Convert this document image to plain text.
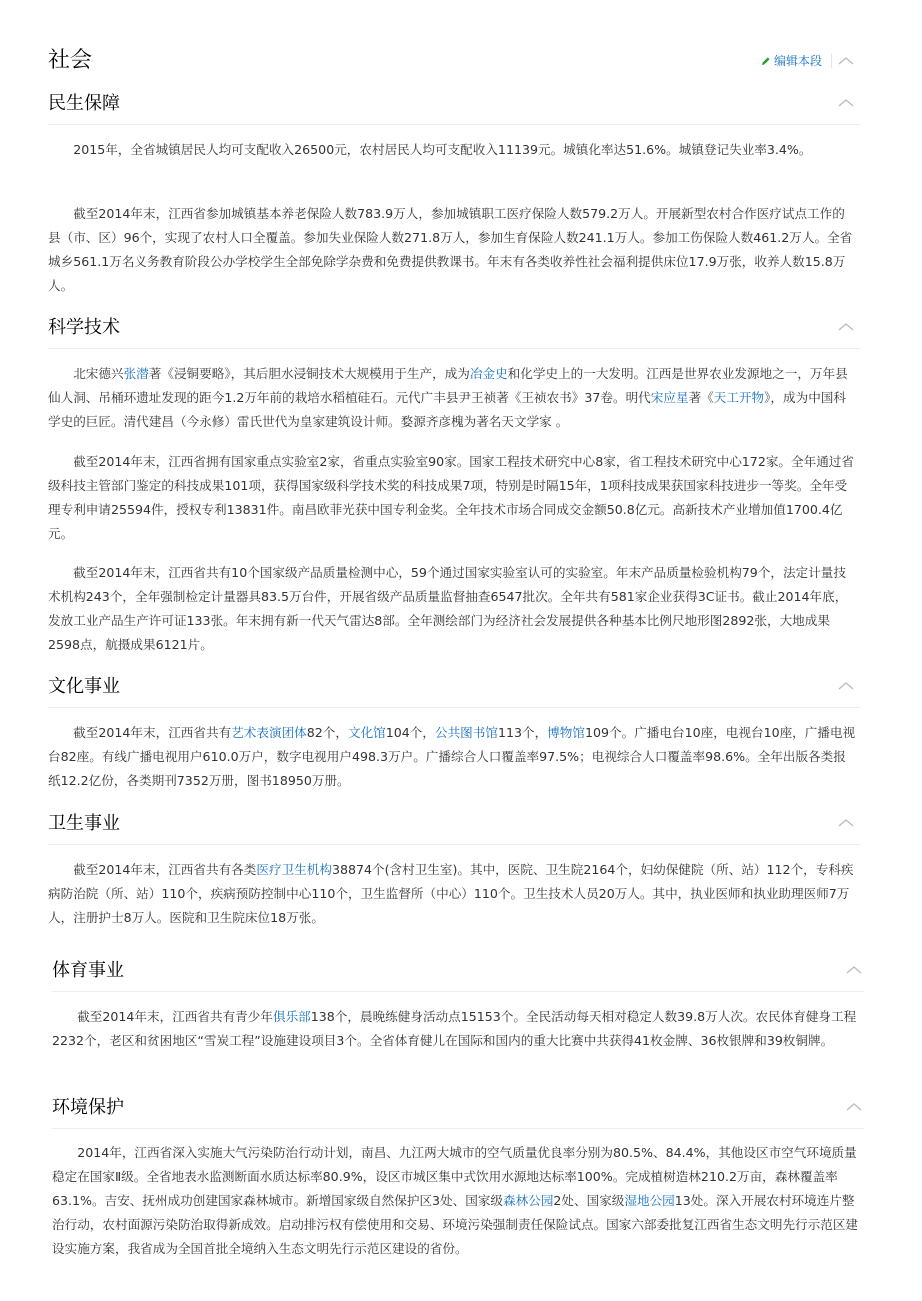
社会	编辑本段
民生保障

2015年，全省城镇居民人均可支配收入26500元，农村居民人均可支配收入11139元。城镇化率达51.6%。城镇登记失业率3.4%。

截至2014年末，江西省参加城镇基本养老保险人数783.9万人，参加城镇职工医疗保险人数579.2万人。开展新型农村合作医疗试点工作的县（市、区）96个，实现了农村人口全覆盖。参加失业保险人数271.8万人，参加生育保险人数241.1万人。参加工伤保险人数461.2万人。全省城乡561.1万名义务教育阶段公办学校学生全部免除学杂费和免费提供教课书。年末有各类收养性社会福利提供床位17.9万张，收养人数15.8万人。

科学技术

北宋德兴张潜著《浸铜要略》，其后胆水浸铜技术大规模用于生产，成为冶金史和化学史上的一大发明。江西是世界农业发源地之一，万年县仙人洞、吊桶环遗址发现的距今1.2万年前的栽培水稻植硅石。元代广丰县尹王祯著《王祯农书》37卷。明代宋应星著《天工开物》，成为中国科学史的巨匠。清代建昌（今永修）雷氏世代为皇家建筑设计师。婺源齐彦槐为著名天文学家 。

截至2014年末，江西省拥有国家重点实验室2家，省重点实验室90家。国家工程技术研究中心8家，省工程技术研究中心172家。全年通过省级科技主管部门鉴定的科技成果101项，获得国家级科学技术奖的科技成果7项，特别是时隔15年，1项科技成果获国家科技进步一等奖。全年受理专利申请25594件，授权专利13831件。南昌欧菲光获中国专利金奖。全年技术市场合同成交金额50.8亿元。高新技术产业增加值1700.4亿元。

截至2014年末，江西省共有10个国家级产品质量检测中心，59个通过国家实验室认可的实验室。年末产品质量检验机构79个，法定计量技术机构243个，全年强制检定计量器具83.5万台件，开展省级产品质量监督抽查6547批次。全年共有581家企业获得3C证书。截止2014年底，发放工业产品生产许可证133张。年末拥有新一代天气雷达8部。全年测绘部门为经济社会发展提供各种基本比例尺地形图2892张，大地成果2598点，航摄成果6121片。

文化事业

截至2014年末，江西省共有艺术表演团体82个，文化馆104个，公共图书馆113个，博物馆109个。广播电台10座，电视台10座，广播电视台82座。有线广播电视用户610.0万户，数字电视用户498.3万户。广播综合人口覆盖率97.5%；电视综合人口覆盖率98.6%。全年出版各类报纸12.2亿份，各类期刊7352万册，图书18950万册。

卫生事业

截至2014年末，江西省共有各类医疗卫生机构38874个(含村卫生室)。其中，医院、卫生院2164个，妇幼保健院（所、站）112个，专科疾病防治院（所、站）110个，疾病预防控制中心110个，卫生监督所（中心）110个。卫生技术人员20万人。其中，执业医师和执业助理医师7万人，注册护士8万人。医院和卫生院床位18万张。

体育事业

截至2014年末，江西省共有青少年俱乐部138个，晨晚练健身活动点15153个。全民活动每天相对稳定人数39.8万人次。农民体育健身工程2232个，老区和贫困地区“雪炭工程”设施建设项目3个。全省体育健儿在国际和国内的重大比赛中共获得41枚金牌、36枚银牌和39枚铜牌。

环境保护

2014年，江西省深入实施大气污染防治行动计划，南昌、九江两大城市的空气质量优良率分别为80.5%、84.4%，其他设区市空气环境质量稳定在国家Ⅱ级。全省地表水监测断面水质达标率80.9%，设区市城区集中式饮用水源地达标率100%。完成植树造林210.2万亩，森林覆盖率63.1%。吉安、抚州成功创建国家森林城市。新增国家级自然保护区3处、国家级森林公园2处、国家级湿地公园13处。深入开展农村环境连片整治行动，农村面源污染防治取得新成效。启动排污权有偿使用和交易、环境污染强制责任保险试点。国家六部委批复江西省生态文明先行示范区建设实施方案，我省成为全国首批全境纳入生态文明先行示范区建设的省份。
